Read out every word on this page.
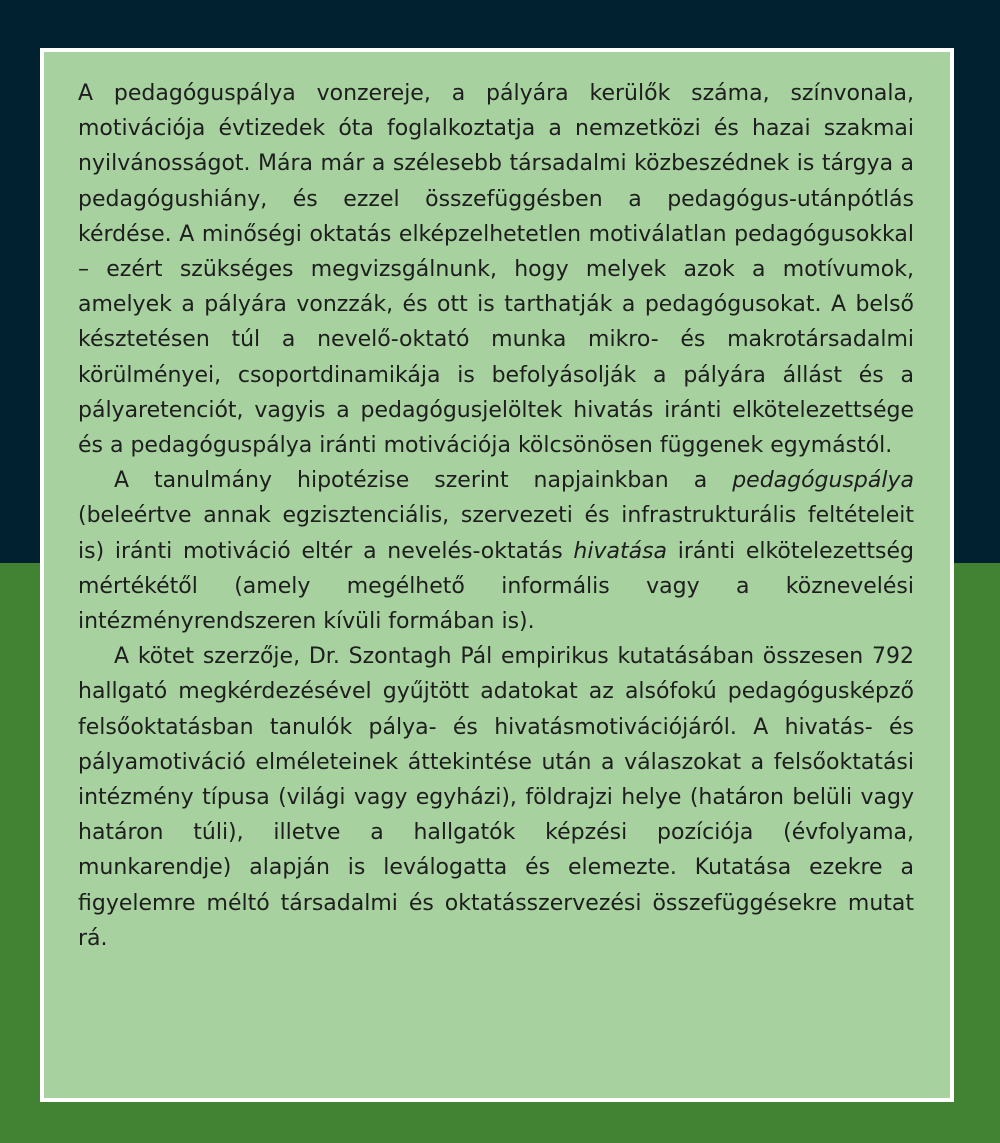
A pedagóguspálya vonzereje, a pályára kerülők száma, színvonala, motivációja évtizedek óta foglalkoztatja a nemzetközi és hazai szakmai nyilvánosságot. Mára már a szélesebb társadalmi közbeszédnek is tárgya a pedagógushiány, és ezzel összefüggésben a pedagógus-utánpótlás kérdése. A minőségi oktatás elképzelhetetlen motiválatlan pedagógusokkal – ezért szükséges megvizsgálnunk, hogy melyek azok a motívumok, amelyek a pályára vonzzák, és ott is tarthatják a pedagógusokat. A belső késztetésen túl a nevelő-oktató munka mikro- és makrotársadalmi körülményei, csoportdinamikája is befolyásolják a pályára állást és a pályaretenciót, vagyis a pedagógusjelöltek hivatás iránti elkötelezettsége és a pedagóguspálya iránti motivációja kölcsönösen függenek egymástól.

A tanulmány hipotézise szerint napjainkban a pedagóguspálya (beleértve annak egzisztenciális, szervezeti és infrastrukturális feltételeit is) iránti motiváció eltér a nevelés-oktatás hivatása iránti elkötelezettség mértékétől (amely megélhető informális vagy a köznevelési intézményrendszeren kívüli formában is).

A kötet szerzője, Dr. Szontagh Pál empirikus kutatásában összesen 792 hallgató megkérdezésével gyűjtött adatokat az alsófokú pedagógusképző felsőoktatásban tanulók pálya- és hivatásmotivációjáról. A hivatás- és pályamotiváció elméleteinek áttekintése után a válaszokat a felsőoktatási intézmény típusa (világi vagy egyházi), földrajzi helye (határon belüli vagy határon túli), illetve a hallgatók képzési pozíciója (évfolyama, munkarendje) alapján is leválogatta és elemezte. Kutatása ezekre a figyelemre méltó társadalmi és oktatásszervezési összefüggésekre mutat rá.
